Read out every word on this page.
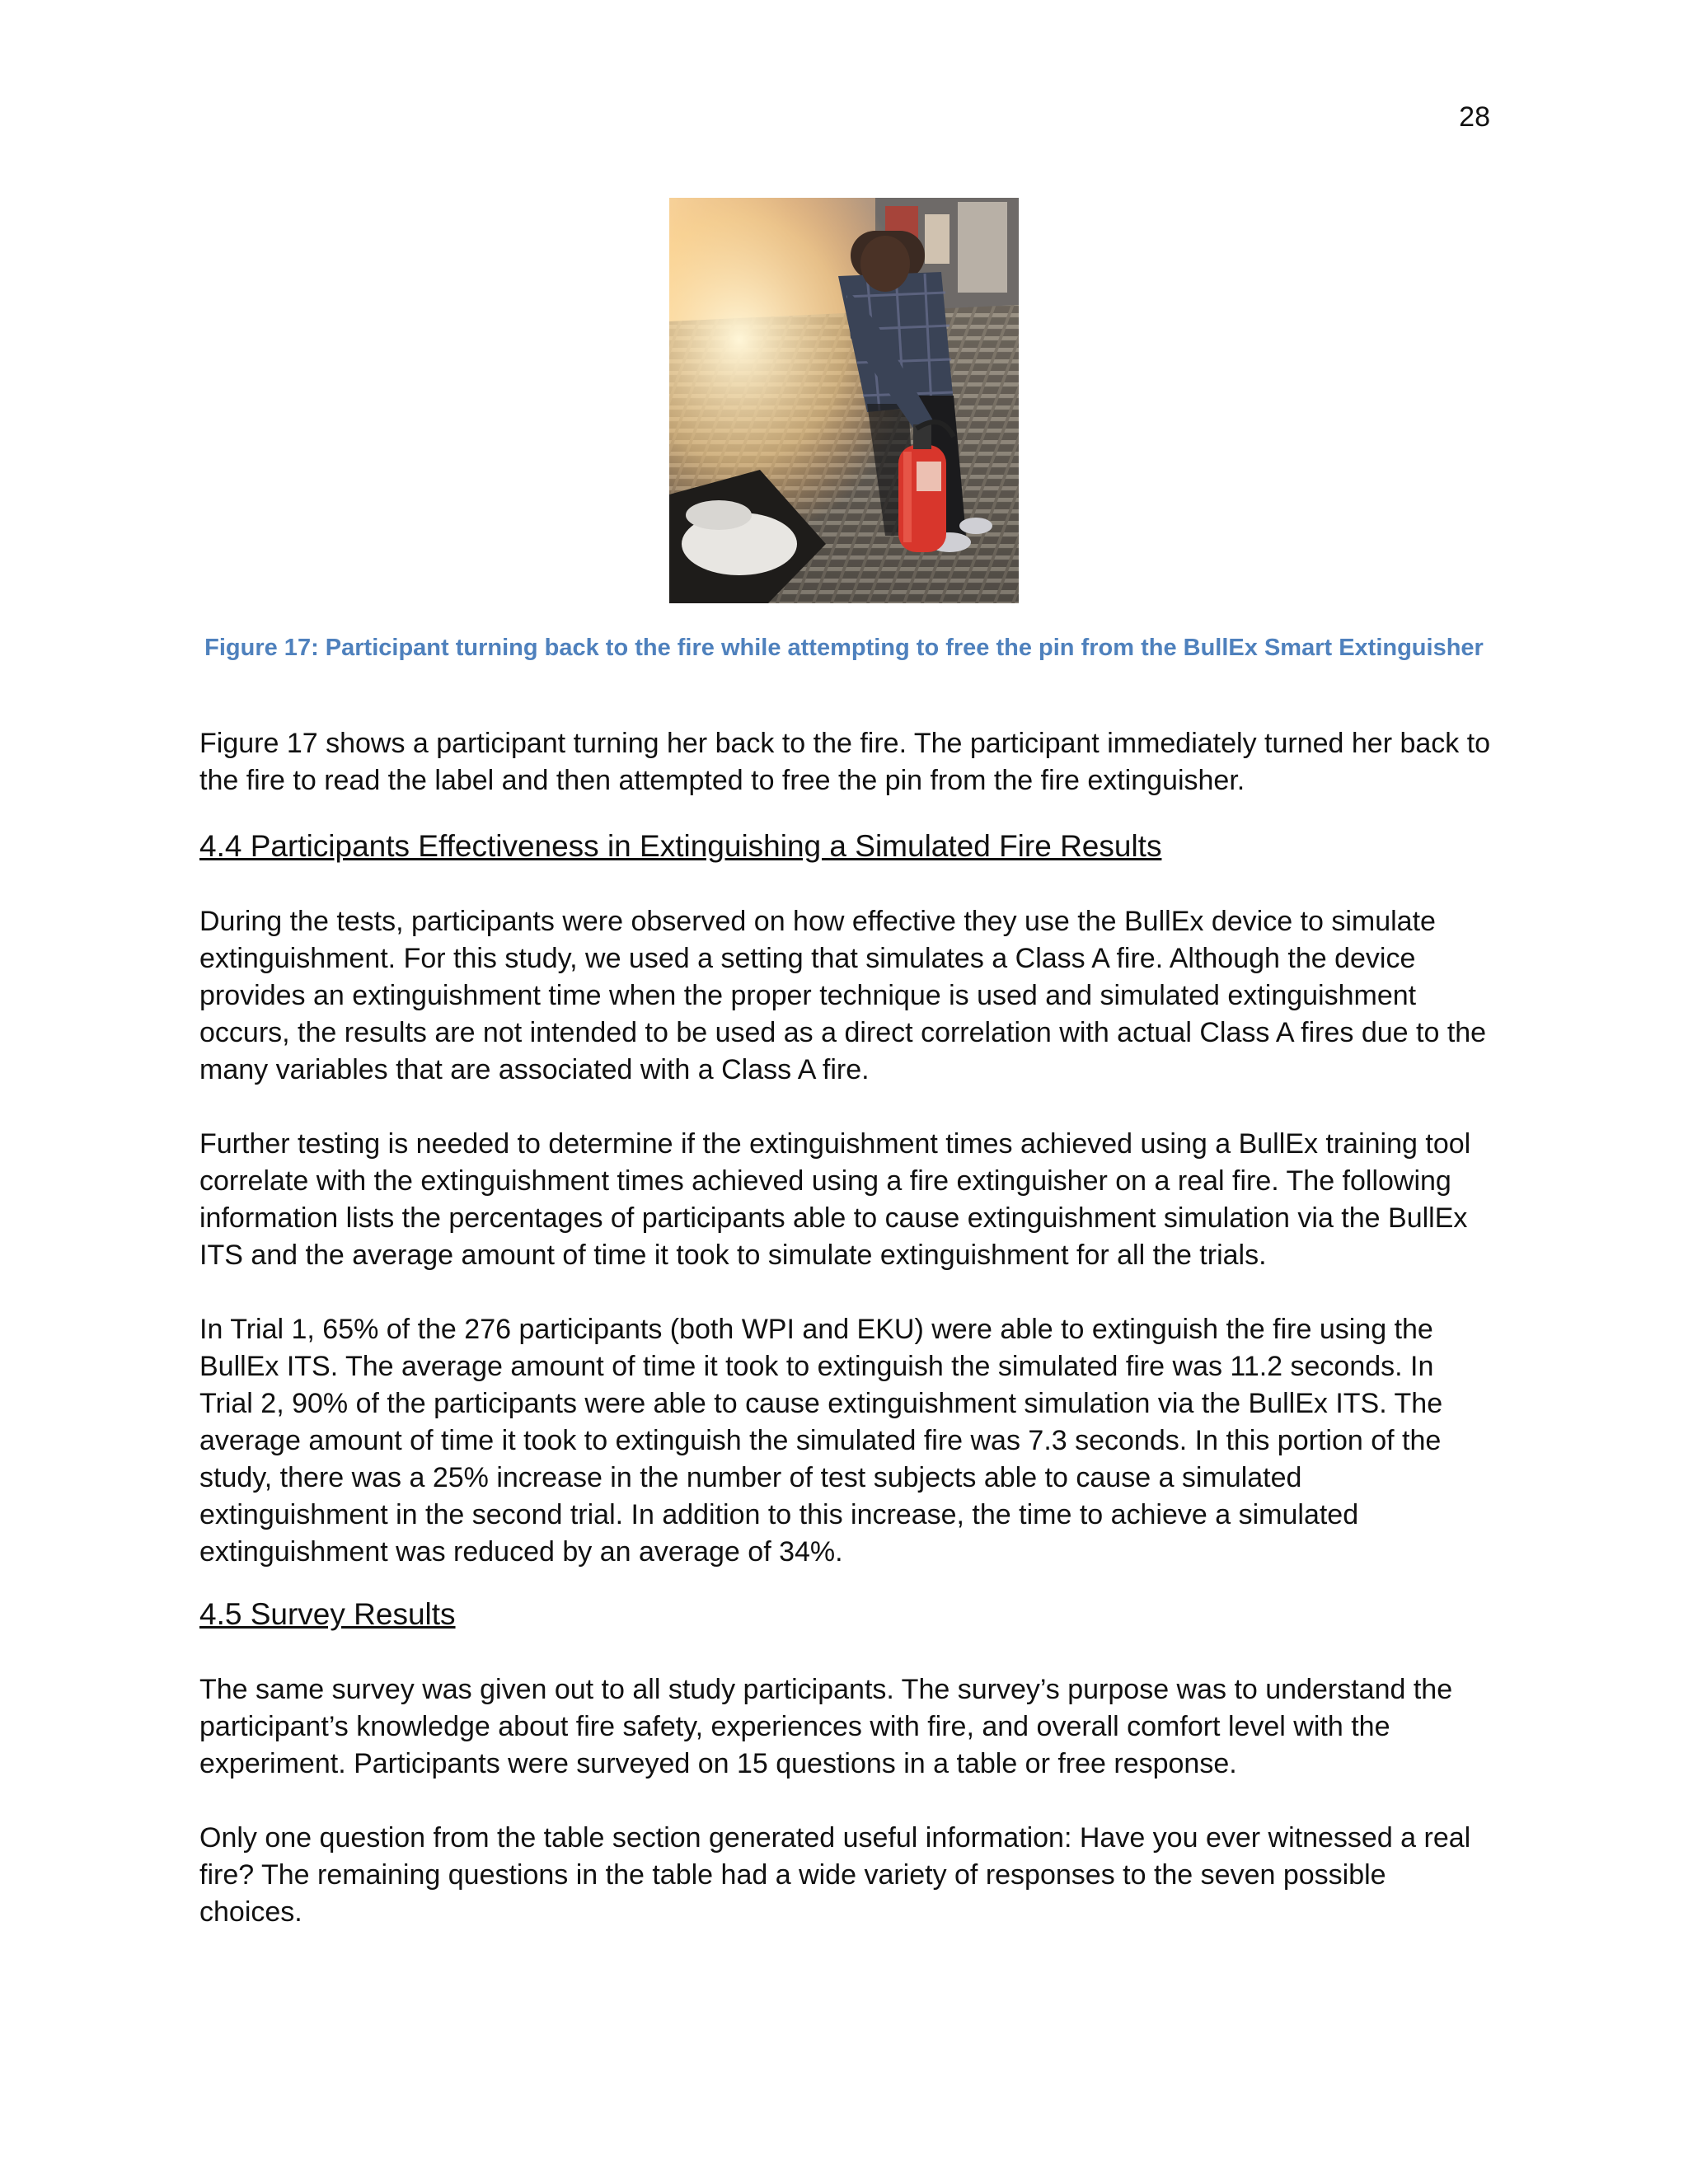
28
Figure 17: Participant turning back to the fire while attempting to free the pin from the BullEx Smart Extinguisher

Figure 17 shows a participant turning her back to the fire. The participant immediately turned her back to the fire to read the label and then attempted to free the pin from the fire extinguisher.

4.4 Participants Effectiveness in Extinguishing a Simulated Fire Results

During the tests, participants were observed on how effective they use the BullEx device to simulate extinguishment. For this study, we used a setting that simulates a Class A fire. Although the device provides an extinguishment time when the proper technique is used and simulated extinguishment occurs, the results are not intended to be used as a direct correlation with actual Class A fires due to the many variables that are associated with a Class A fire.

Further testing is needed to determine if the extinguishment times achieved using a BullEx training tool correlate with the extinguishment times achieved using a fire extinguisher on a real fire. The following information lists the percentages of participants able to cause extinguishment simulation via the BullEx ITS and the average amount of time it took to simulate extinguishment for all the trials.

In Trial 1, 65% of the 276 participants (both WPI and EKU) were able to extinguish the fire using the BullEx ITS. The average amount of time it took to extinguish the simulated fire was 11.2 seconds. In Trial 2, 90% of the participants were able to cause extinguishment simulation via the BullEx ITS. The average amount of time it took to extinguish the simulated fire was 7.3 seconds. In this portion of the study, there was a 25% increase in the number of test subjects able to cause a simulated extinguishment in the second trial. In addition to this increase, the time to achieve a simulated extinguishment was reduced by an average of 34%.

4.5 Survey Results

The same survey was given out to all study participants. The survey’s purpose was to understand the participant’s knowledge about fire safety, experiences with fire, and overall comfort level with the experiment. Participants were surveyed on 15 questions in a table or free response.

Only one question from the table section generated useful information: Have you ever witnessed a real fire? The remaining questions in the table had a wide variety of responses to the seven possible choices.
